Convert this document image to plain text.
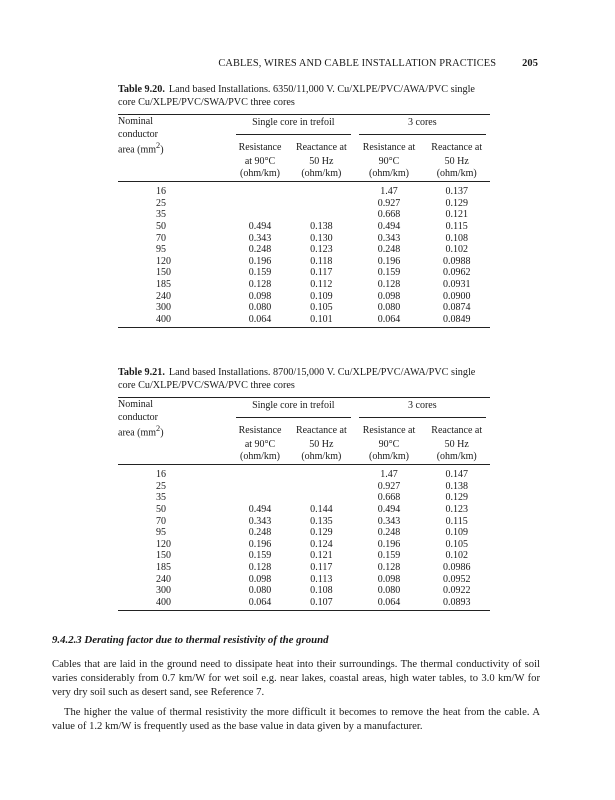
CABLES, WIRES AND CABLE INSTALLATION PRACTICES	205
Table 9.20. Land based Installations. 6350/11,000 V. Cu/XLPE/PVC/AWA/PVC single core Cu/XLPE/PVC/SWA/PVC three cores
Nominal	Single core in trefoil		3 cores	
conductor			

area $(mm^2)$	Resistance	Reactance at	Resistance at	Reactance at
	at 90°C	50 Hz	90°C	50 Hz
	(ohm/km)	(ohm/km)	(ohm/km)	(ohm/km)
16			1.47	0.137
25			0.927	0.129
35			0.668	0.121
50	0.494	0.138	0.494	0.115
70	0.343	0.130	0.343	0.108
95	0.248	0.123	0.248	0.102
120	0.196	0.118	0.196	0.0988
150	0.159	0.117	0.159	0.0962
185	0.128	0.112	0.128	0.0931
240	0.098	0.109	0.098	0.0900
300	0.080	0.105	0.080	0.0874
400	0.064	0.101	0.064	0.0849
Table 9.21. Land based Installations. 8700/15,000 V. Cu/XLPE/PVC/AWA/PVC single core Cu/XLPE/PVC/SWA/PVC three cores
Nominal	Single core in trefoil		3 cores	
conductor			

area $(mm^2)$	Resistance	Reactance at	Resistance at	Reactance at
	at 90°C	50 Hz	90°C	50 Hz
	(ohm/km)	(ohm/km)	(ohm/km)	(ohm/km)
16			1.47	0.147
25			0.927	0.138
35			0.668	0.129
50	0.494	0.144	0.494	0.123
70	0.343	0.135	0.343	0.115
95	0.248	0.129	0.248	0.109
120	0.196	0.124	0.196	0.105
150	0.159	0.121	0.159	0.102
185	0.128	0.117	0.128	0.0986
240	0.098	0.113	0.098	0.0952
300	0.080	0.108	0.080	0.0922
400	0.064	0.107	0.064	0.0893
9.4.2.3 Derating factor due to thermal resistivity of the ground

Cables that are laid in the ground need to dissipate heat into their surroundings. The thermal conductivity of soil varies considerably from 0.7 km/W for wet soil e.g. near lakes, coastal areas, high water tables, to 3.0 km/W for very dry soil such as desert sand, see Reference 7.

The higher the value of thermal resistivity the more difficult it becomes to remove the heat from the cable. A value of 1.2 km/W is frequently used as the base value in data given by a manufacturer.
